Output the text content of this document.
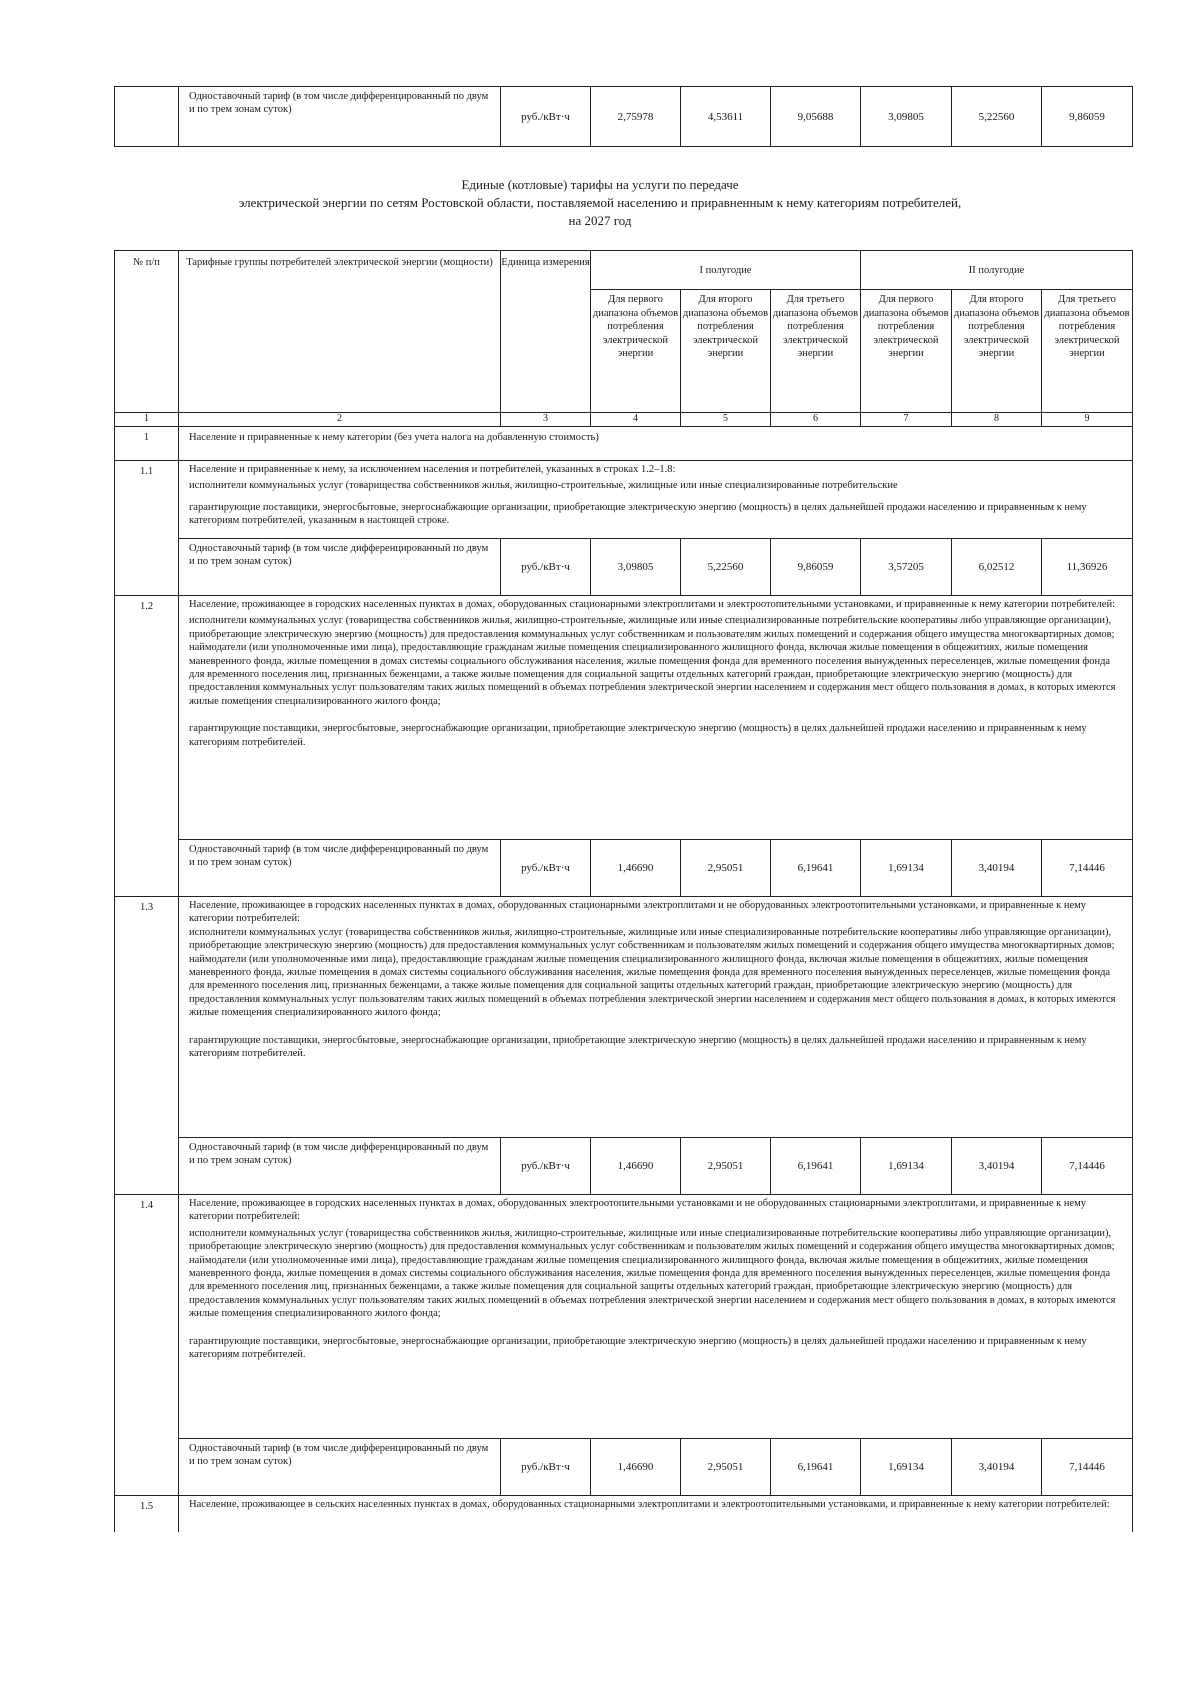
	Одноставочный тариф (в том числе дифференцированный по двум и по трем зонам суток)	руб./кВт·ч	2,75978	4,53611	9,05688	3,09805	5,22560	9,86059
Единые (котловые) тарифы на услуги по передаче
электрической энергии по сетям Ростовской области, поставляемой населению и приравненным к нему категориям потребителей,
на 2027 год
№ п/п	Тарифные группы потребителей электрической энергии (мощности)	Единица измерения	I полугодие			II полугодие		
			Для первого диапазона объемов потребления электрической энергии	Для второго диапазона объемов потребления электрической энергии	Для третьего диапазона объемов потребления электрической энергии	Для первого диапазона объемов потребления электрической энергии	Для второго диапазона объемов потребления электрической энергии	Для третьего диапазона объемов потребления электрической энергии
1	2	3	4	5	6	7	8	9
1	Население и приравненные к нему категории (без учета налога на добавленную стоимость)							
1.1	Население и приравненные к нему, за исключением населения и потребителей, указанных в строках 1.2–1.8:

исполнители коммунальных услуг (товарищества собственников жилья, жилищно-строительные, жилищные или иные специализированные потребительские

гарантирующие поставщики, энергосбытовые, энергоснабжающие организации, приобретающие электрическую энергию (мощность) в целях дальнейшей продажи населению и приравненным к нему категориям потребителей, указанным в настоящей строке.							

	Одноставочный тариф (в том числе дифференцированный по двум и по трем зонам суток)	руб./кВт·ч	3,09805	5,22560	9,86059	3,57205	6,02512	11,36926
1.2	Население, проживающее в городских населенных пунктах в домах, оборудованных стационарными электроплитами и электроотопительными установками, и приравненные к нему категории потребителей:

исполнители коммунальных услуг (товарищества собственников жилья, жилищно-строительные, жилищные или иные специализированные потребительские кооперативы либо управляющие организации), приобретающие электрическую энергию (мощность) для предоставления коммунальных услуг собственникам и пользователям жилых помещений и содержания общего имущества многоквартирных домов;

наймодатели (или уполномоченные ими лица), предоставляющие гражданам жилые помещения специализированного жилищного фонда, включая жилые помещения в общежитиях, жилые помещения маневренного фонда, жилые помещения в домах системы социального обслуживания населения, жилые помещения фонда для временного поселения вынужденных переселенцев, жилые помещения фонда для временного поселения лиц, признанных беженцами, а также жилые помещения для социальной защиты отдельных категорий граждан, приобретающие электрическую энергию (мощность) для предоставления коммунальных услуг пользователям таких жилых помещений в объемах потребления электрической энергии населением и содержания мест общего пользования в домах, в которых имеются жилые помещения специализированного жилого фонда;

гарантирующие поставщики, энергосбытовые, энергоснабжающие организации, приобретающие электрическую энергию (мощность) в целях дальнейшей продажи населению и приравненным к нему категориям потребителей.							

	Одноставочный тариф (в том числе дифференцированный по двум и по трем зонам суток)	руб./кВт·ч	1,46690	2,95051	6,19641	1,69134	3,40194	7,14446
1.3	Население, проживающее в городских населенных пунктах в домах, оборудованных стационарными электроплитами и не оборудованных электроотопительными установками, и приравненные к нему категории потребителей:

исполнители коммунальных услуг (товарищества собственников жилья, жилищно-строительные, жилищные или иные специализированные потребительские кооперативы либо управляющие организации), приобретающие электрическую энергию (мощность) для предоставления коммунальных услуг собственникам и пользователям жилых помещений и содержания общего имущества многоквартирных домов;

наймодатели (или уполномоченные ими лица), предоставляющие гражданам жилые помещения специализированного жилищного фонда, включая жилые помещения в общежитиях, жилые помещения маневренного фонда, жилые помещения в домах системы социального обслуживания населения, жилые помещения фонда для временного поселения вынужденных переселенцев, жилые помещения фонда для временного поселения лиц, признанных беженцами, а также жилые помещения для социальной защиты отдельных категорий граждан, приобретающие электрическую энергию (мощность) для предоставления коммунальных услуг пользователям таких жилых помещений в объемах потребления электрической энергии населением и содержания мест общего пользования в домах, в которых имеются жилые помещения специализированного жилого фонда;

гарантирующие поставщики, энергосбытовые, энергоснабжающие организации, приобретающие электрическую энергию (мощность) в целях дальнейшей продажи населению и приравненным к нему категориям потребителей.							

	Одноставочный тариф (в том числе дифференцированный по двум и по трем зонам суток)	руб./кВт·ч	1,46690	2,95051	6,19641	1,69134	3,40194	7,14446
1.4	Население, проживающее в городских населенных пунктах в домах, оборудованных электроотопительными установками и не оборудованных стационарными электроплитами, и приравненные к нему категории потребителей:

исполнители коммунальных услуг (товарищества собственников жилья, жилищно-строительные, жилищные или иные специализированные потребительские кооперативы либо управляющие организации), приобретающие электрическую энергию (мощность) для предоставления коммунальных услуг собственникам и пользователям жилых помещений и содержания общего имущества многоквартирных домов;

наймодатели (или уполномоченные ими лица), предоставляющие гражданам жилые помещения специализированного жилищного фонда, включая жилые помещения в общежитиях, жилые помещения маневренного фонда, жилые помещения в домах системы социального обслуживания населения, жилые помещения фонда для временного поселения вынужденных переселенцев, жилые помещения фонда для временного поселения лиц, признанных беженцами, а также жилые помещения для социальной защиты отдельных категорий граждан, приобретающие электрическую энергию (мощность) для предоставления коммунальных услуг пользователям таких жилых помещений в объемах потребления электрической энергии населением и содержания мест общего пользования в домах, в которых имеются жилые помещения специализированного жилого фонда;

гарантирующие поставщики, энергосбытовые, энергоснабжающие организации, приобретающие электрическую энергию (мощность) в целях дальнейшей продажи населению и приравненным к нему категориям потребителей.							

	Одноставочный тариф (в том числе дифференцированный по двум и по трем зонам суток)	руб./кВт·ч	1,46690	2,95051	6,19641	1,69134	3,40194	7,14446
1.5	Население, проживающее в сельских населенных пунктах в домах, оборудованных стационарными электроплитами и электроотопительными установками, и приравненные к нему категории потребителей:							
